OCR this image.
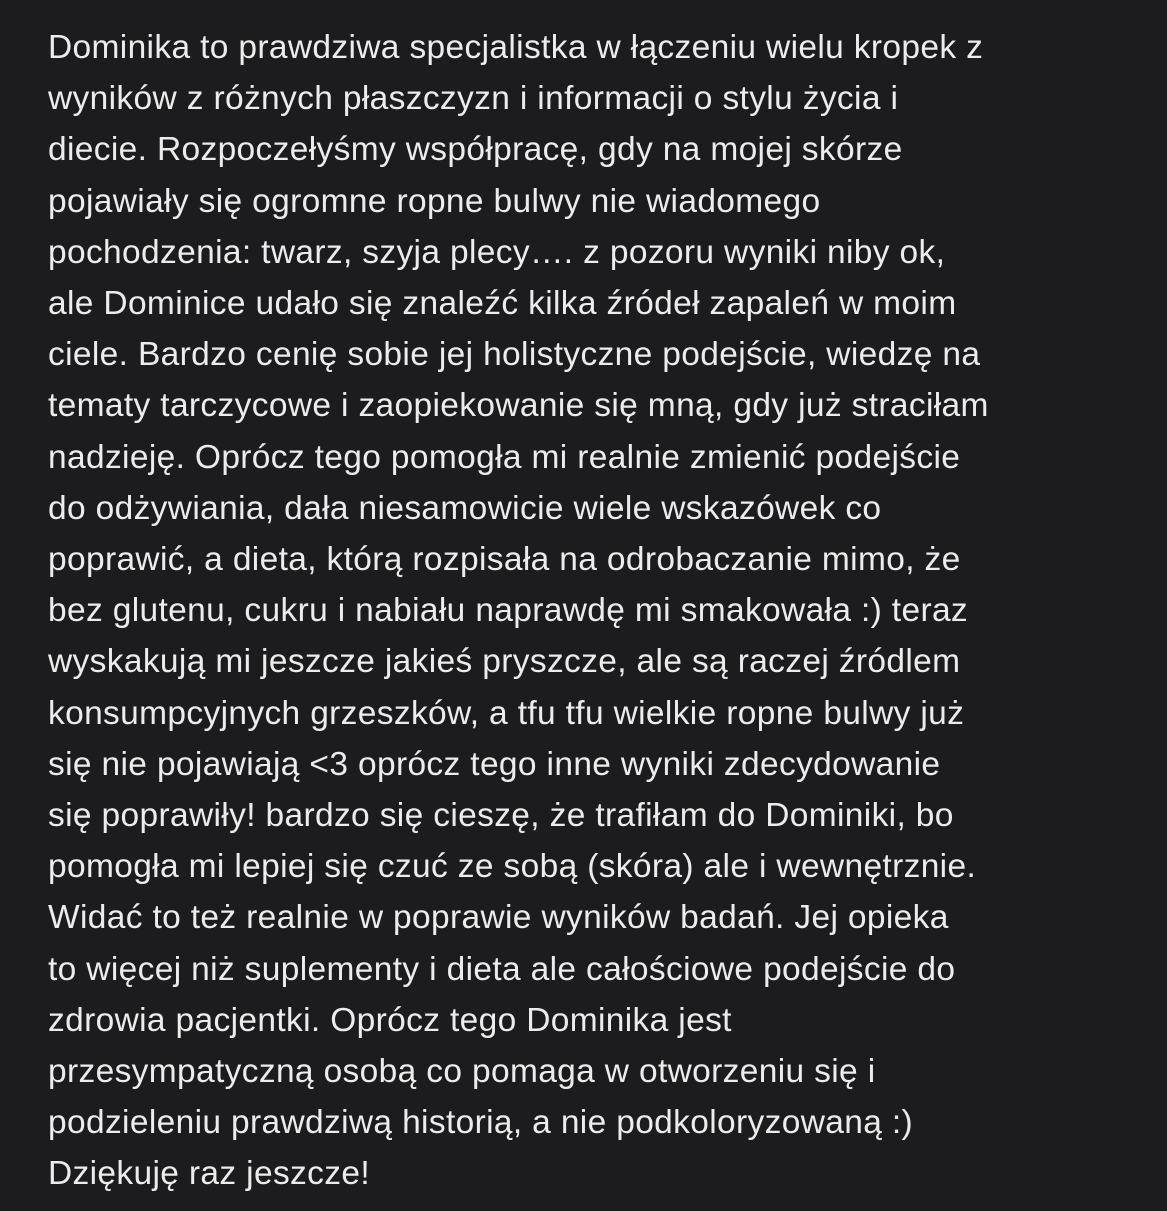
Dominika to prawdziwa specjalistka w łączeniu wielu kropek z
wyników z różnych płaszczyzn i informacji o stylu życia i
diecie. Rozpoczełyśmy współpracę, gdy na mojej skórze
pojawiały się ogromne ropne bulwy nie wiadomego
pochodzenia: twarz, szyja plecy…. z pozoru wyniki niby ok,
ale Dominice udało się znaleźć kilka źródeł zapaleń w moim
ciele. Bardzo cenię sobie jej holistyczne podejście, wiedzę na
tematy tarczycowe i zaopiekowanie się mną, gdy już straciłam
nadzieję. Oprócz tego pomogła mi realnie zmienić podejście
do odżywiania, dała niesamowicie wiele wskazówek co
poprawić, a dieta, którą rozpisała na odrobaczanie mimo, że
bez glutenu, cukru i nabiału naprawdę mi smakowała :) teraz
wyskakują mi jeszcze jakieś pryszcze, ale są raczej źródlem
konsumpcyjnych grzeszków, a tfu tfu wielkie ropne bulwy już
się nie pojawiają <3 oprócz tego inne wyniki zdecydowanie
się poprawiły! bardzo się cieszę, że trafiłam do Dominiki, bo
pomogła mi lepiej się czuć ze sobą (skóra) ale i wewnętrznie.
Widać to też realnie w poprawie wyników badań. Jej opieka
to więcej niż suplementy i dieta ale całościowe podejście do
zdrowia pacjentki. Oprócz tego Dominika jest
przesympatyczną osobą co pomaga w otworzeniu się i
podzieleniu prawdziwą historią, a nie podkoloryzowaną :)
Dziękuję raz jeszcze!
